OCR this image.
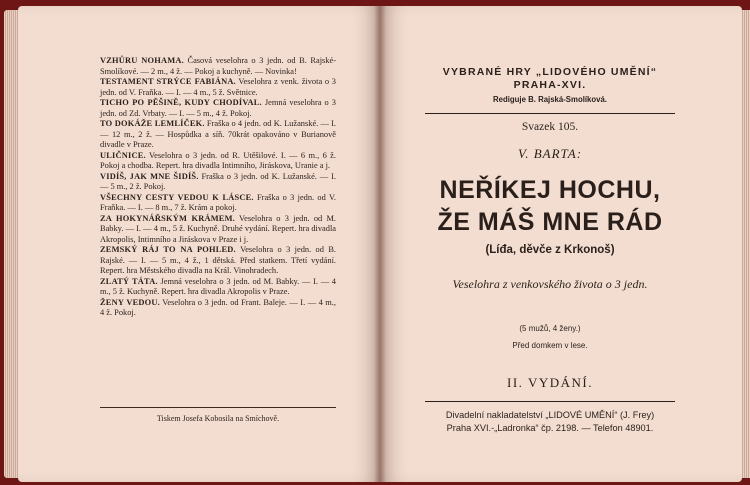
VZHŮRU NOHAMA. Časová veselohra o 3 jedn. od B. Rajské-Smolíkové. — 2 m., 4 ž. — Pokoj a kuchyně. — Novinka!

TESTAMENT STRÝCE FABIÁNA. Veselohra z venk. života o 3 jedn. od V. Fraňka. — I. — 4 m., 5 ž. Světnice.

TICHO PO PĚŠINĚ, KUDY CHODÍVAL. Jemná veselohra o 3 jedn. od Zd. Vrbaty. — I. — 5 m., 4 ž. Pokoj.

TO DOKÁŽE LEMLÍČEK. Fraška o 4 jedn. od K. Lužanské. — I. — 12 m., 2 ž. — Hospůdka a síň. 70krát opakováno v Burianově divadle v Praze.

ULIČNICE. Veselohra o 3 jedn. od R. Utěšilové. I. — 6 m., 6 ž. Pokoj a chodba. Repert. hra divadla Intimního, Jiráskova, Uranie a j.

VIDÍŠ, JAK MNE ŠIDÍŠ. Fraška o 3 jedn. od K. Lužanské. — I. — 5 m., 2 ž. Pokoj.

VŠECHNY CESTY VEDOU K LÁSCE. Fraška o 3 jedn. od V. Fraňka. — I. — 8 m., 7 ž. Krám a pokoj.

ZA HOKYNÁŘSKÝM KRÁMEM. Veselohra o 3 jedn. od M. Babky. — I. — 4 m., 5 ž. Kuchyně. Druhé vydání. Repert. hra divadla Akropolis, Intimního a Jiráskova v Praze i j.

ZEMSKÝ RÁJ TO NA POHLED. Veselohra o 3 jedn. od B. Rajské. — I. — 5 m., 4 ž., 1 dětská. Před statkem. Třetí vydání. Repert. hra Městského divadla na Král. Vinohradech.

ZLATÝ TÁTA. Jemná veselohra o 3 jedn. od M. Babky. — I. — 4 m., 5 ž. Kuchyně. Repert. hra divadla Akropolis v Praze.

ŽENY VEDOU. Veselohra o 3 jedn. od Frant. Baleje. — I. — 4 m., 4 ž. Pokoj.

Tiskem Josefa Kobosila na Smíchově.
VYBRANÉ HRY „LIDOVÉHO UMĚNÍ“ PRAHA-XVI.
Rediguje B. Rajská-Smolíková.
Svazek 105.
V. BARTA:
NEŘÍKEJ HOCHU,
ŽE MÁŠ MNE RÁD
(Líđa, děvče z Krkonoš)
Veselohra z venkovského života o 3 jedn.
(5 mužů, 4 ženy.)
Před domkem v lese.
II. VYDÁNÍ.
Divadelní nakladatelství „LIDOVÉ UMĚNÍ“ (J. Frey)
Praha XVI.-„Ladronka“ čp. 2198. — Telefon 48901.
